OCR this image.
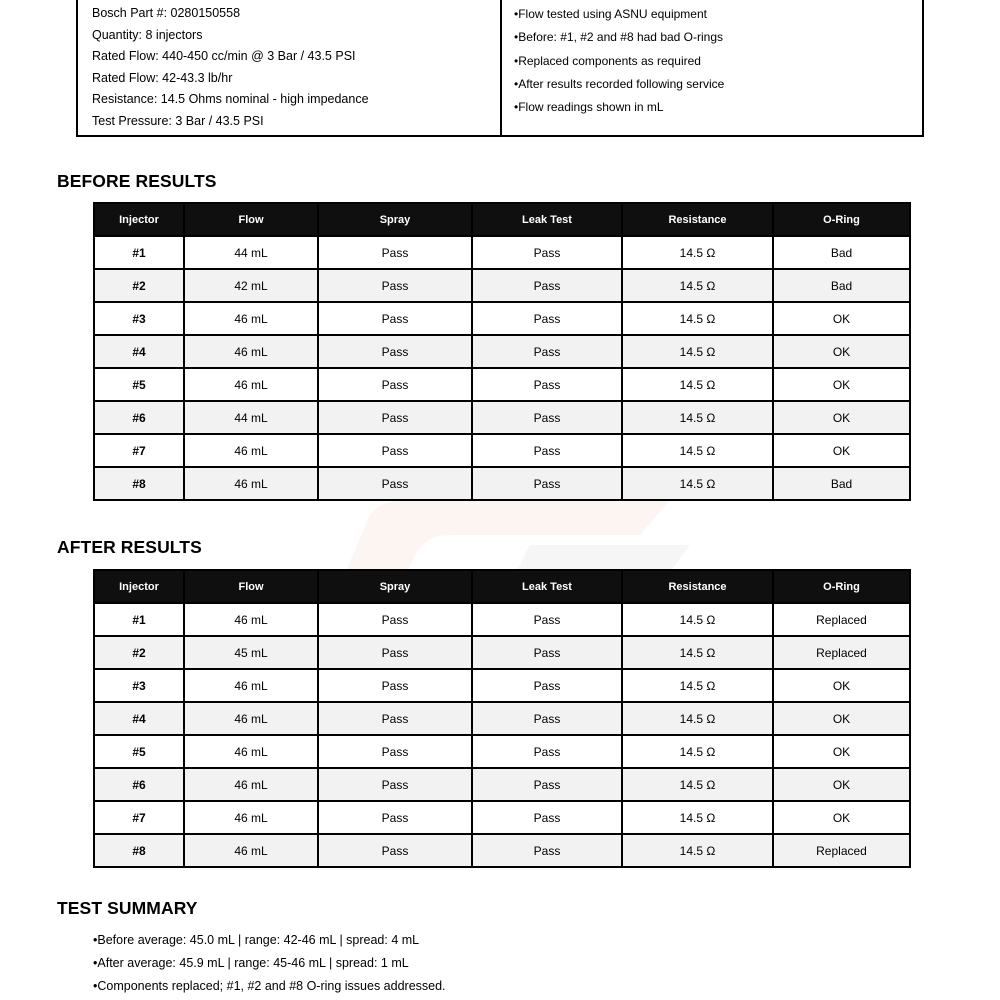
Bosch Part #: 0280150558
Quantity: 8 injectors
Rated Flow: 440-450 cc/min @ 3 Bar / 43.5 PSI
Rated Flow: 42-43.3 lb/hr
Resistance: 14.5 Ohms nominal - high impedance
Test Pressure: 3 Bar / 43.5 PSI
• Flow tested using ASNU equipment
• Before: #1, #2 and #8 had bad O-rings
• Replaced components as required
• After results recorded following service
• Flow readings shown in mL
BEFORE RESULTS
Injector	Flow	Spray	Leak Test	Resistance	O-Ring
#1	44 mL	Pass	Pass	14.5 Ω	Bad
#2	42 mL	Pass	Pass	14.5 Ω	Bad
#3	46 mL	Pass	Pass	14.5 Ω	OK
#4	46 mL	Pass	Pass	14.5 Ω	OK
#5	46 mL	Pass	Pass	14.5 Ω	OK
#6	44 mL	Pass	Pass	14.5 Ω	OK
#7	46 mL	Pass	Pass	14.5 Ω	OK
#8	46 mL	Pass	Pass	14.5 Ω	Bad
AFTER RESULTS
Injector	Flow	Spray	Leak Test	Resistance	O-Ring
#1	46 mL	Pass	Pass	14.5 Ω	Replaced
#2	45 mL	Pass	Pass	14.5 Ω	Replaced
#3	46 mL	Pass	Pass	14.5 Ω	OK
#4	46 mL	Pass	Pass	14.5 Ω	OK
#5	46 mL	Pass	Pass	14.5 Ω	OK
#6	46 mL	Pass	Pass	14.5 Ω	OK
#7	46 mL	Pass	Pass	14.5 Ω	OK
#8	46 mL	Pass	Pass	14.5 Ω	Replaced
TEST SUMMARY
• Before average: 45.0 mL | range: 42-46 mL | spread: 4 mL
• After average: 45.9 mL | range: 45-46 mL | spread: 1 mL
• Components replaced; #1, #2 and #8 O-ring issues addressed.
